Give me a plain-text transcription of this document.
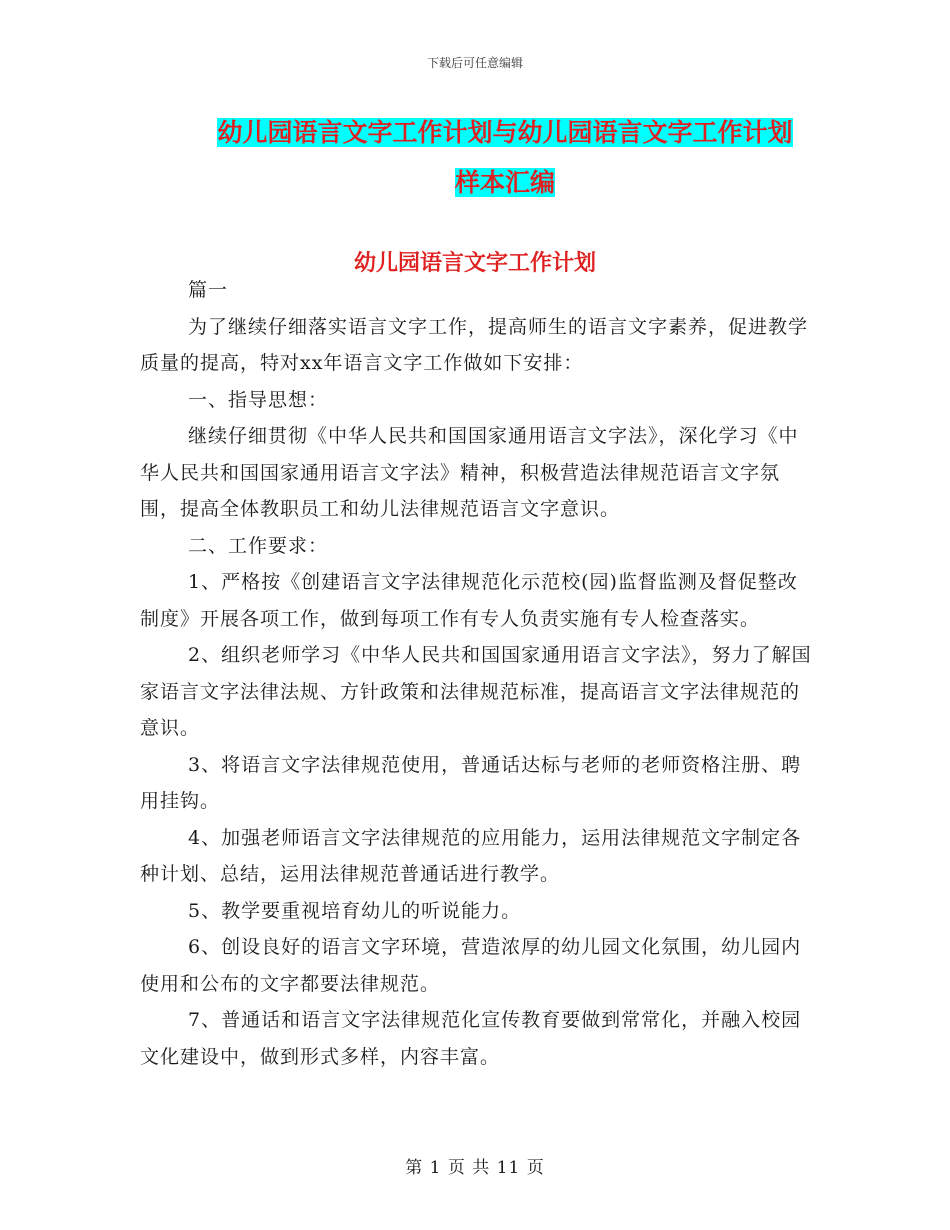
下载后可任意编辑
幼儿园语言文字工作计划与幼儿园语言文字工作计划
样本汇编
幼儿园语言文字工作计划

篇一

为了继续仔细落实语言文字工作，提高师生的语言文字素养，促进教学质量的提高，特对xx年语言文字工作做如下安排：

一、指导思想：

继续仔细贯彻《中华人民共和国国家通用语言文字法》，深化学习《中华人民共和国国家通用语言文字法》精神，积极营造法律规范语言文字氛围，提高全体教职员工和幼儿法律规范语言文字意识。

二、工作要求：

1、严格按《创建语言文字法律规范化示范校(园)监督监测及督促整改制度》开展各项工作，做到每项工作有专人负责实施有专人检查落实。

2、组织老师学习《中华人民共和国国家通用语言文字法》，努力了解国家语言文字法律法规、方针政策和法律规范标准，提高语言文字法律规范的意识。

3、将语言文字法律规范使用，普通话达标与老师的老师资格注册、聘用挂钩。

4、加强老师语言文字法律规范的应用能力，运用法律规范文字制定各种计划、总结，运用法律规范普通话进行教学。

5、教学要重视培育幼儿的听说能力。

6、创设良好的语言文字环境，营造浓厚的幼儿园文化氛围，幼儿园内使用和公布的文字都要法律规范。

7、普通话和语言文字法律规范化宣传教育要做到常常化，并融入校园文化建设中，做到形式多样，内容丰富。

第 1 页 共 11 页
